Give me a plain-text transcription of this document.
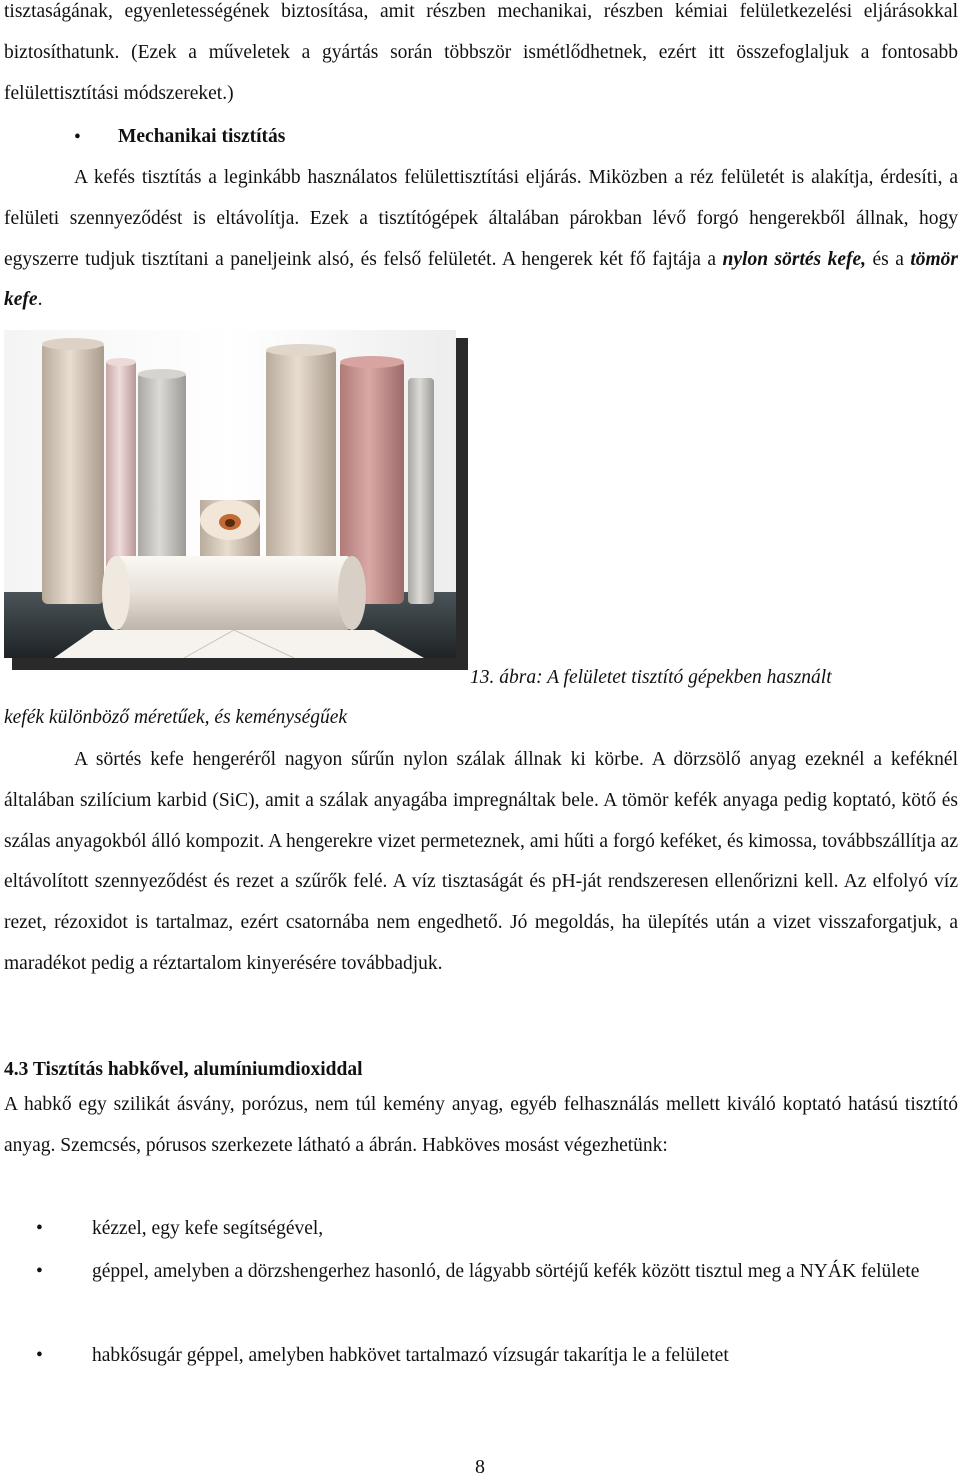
tisztaságának, egyenletességének biztosítása, amit részben mechanikai, részben kémiai felületkezelési eljárásokkal biztosíthatunk. (Ezek a műveletek a gyártás során többször ismétlődhetnek, ezért itt összefoglaljuk a fontosabb felülettisztítási módszereket.)

• Mechanikai tisztítás

A kefés tisztítás a leginkább használatos felülettisztítási eljárás. Miközben a réz felületét is alakítja, érdesíti, a felületi szennyeződést is eltávolítja. Ezek a tisztítógépek általában párokban lévő forgó hengerekből állnak, hogy egyszerre tudjuk tisztítani a paneljeink alsó, és felső felületét. A hengerek két fő fajtája a nylon sörtés kefe, és a tömör kefe.

13. ábra: A felületet tisztító gépekben használt
kefék különböző méretűek, és keménységűek

A sörtés kefe hengeréről nagyon sűrűn nylon szálak állnak ki körbe. A dörzsölő anyag ezeknél a keféknél általában szilícium karbid (SiC), amit a szálak anyagába impregnáltak bele. A tömör kefék anyaga pedig koptató, kötő és szálas anyagokból álló kompozit. A hengerekre vizet permeteznek, ami hűti a forgó keféket, és kimossa, továbbszállítja az eltávolított szennyeződést és rezet a szűrők felé. A víz tisztaságát és pH-ját rendszeresen ellenőrizni kell. Az elfolyó víz rezet, rézoxidot is tartalmaz, ezért csatornába nem engedhető. Jó megoldás, ha ülepítés után a vizet visszaforgatjuk, a maradékot pedig a réztartalom kinyerésére továbbadjuk.

4.3 Tisztítás habkővel, alumíniumdioxiddal

A habkő egy szilikát ásvány, porózus, nem túl kemény anyag, egyéb felhasználás mellett kiváló koptató hatású tisztító anyag. Szemcsés, pórusos szerkezete látható a ábrán. Habköves mosást végezhetünk:

•	kézzel, egy kefe segítségével,

•	géppel, amelyben a dörzshengerhez hasonló, de lágyabb sörtéjű kefék között tisztul meg a NYÁK felülete

•	habkősugár géppel, amelyben habkövet tartalmazó vízsugár takarítja le a felületet

8
